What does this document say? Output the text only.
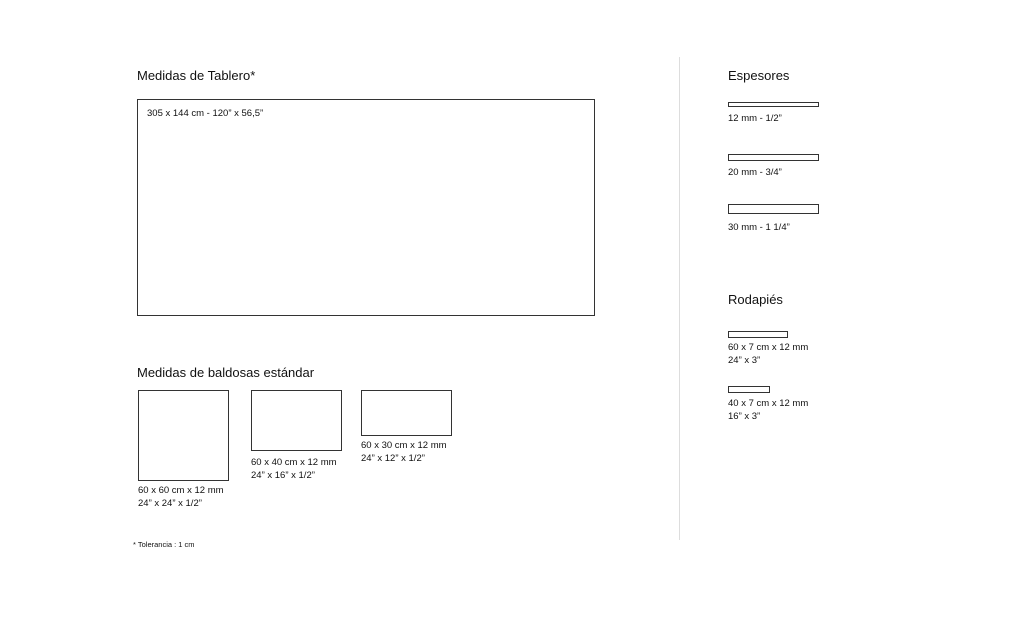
Medidas de Tablero*
305 x 144 cm - 120” x 56,5”
Medidas de baldosas estándar
60 x 60 cm x 12 mm
24” x 24” x 1/2”
60 x 40 cm x 12 mm
24” x 16” x 1/2”
60 x 30 cm x 12 mm
24” x 12” x 1/2”
* Tolerancia : 1 cm
Espesores
12 mm - 1/2”
20 mm - 3/4”
30 mm - 1 1/4”
Rodapiés
60 x 7 cm x 12 mm
24” x 3”
40 x 7 cm x 12 mm
16” x 3”
